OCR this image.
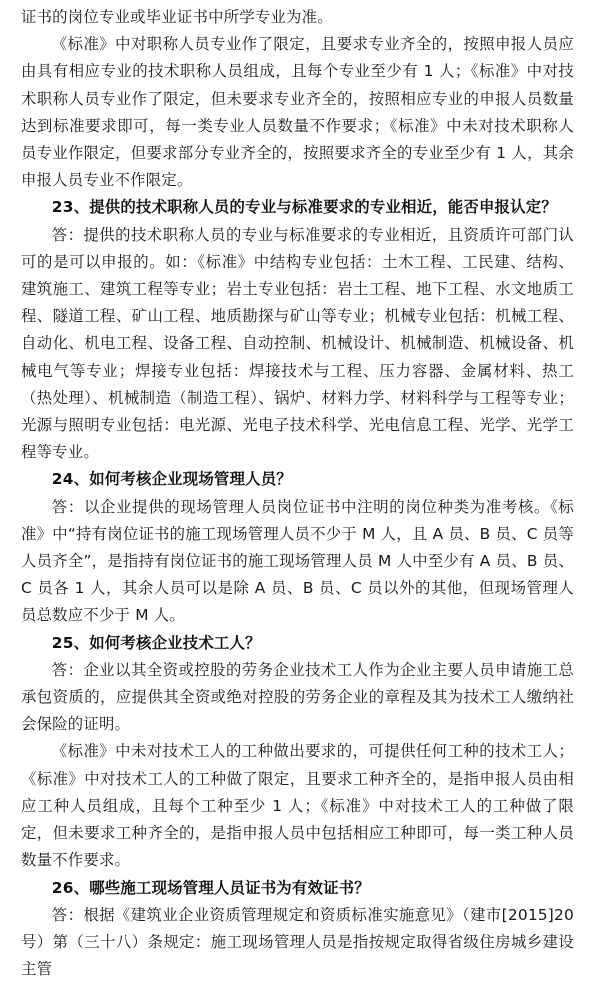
证书的岗位专业或毕业证书中所学专业为准。

《标准》中对职称人员专业作了限定，且要求专业齐全的，按照申报人员应由具有相应专业的技术职称人员组成，且每个专业至少有 1 人；《标准》中对技术职称人员专业作了限定，但未要求专业齐全的，按照相应专业的申报人员数量达到标准要求即可，每一类专业人员数量不作要求；《标准》中未对技术职称人员专业作限定，但要求部分专业齐全的，按照要求齐全的专业至少有 1 人，其余申报人员专业不作限定。

23、提供的技术职称人员的专业与标准要求的专业相近，能否申报认定？

答：提供的技术职称人员的专业与标准要求的专业相近，且资质许可部门认可的是可以申报的。如：《标准》中结构专业包括：土木工程、工民建、结构、建筑施工、建筑工程等专业；岩土专业包括：岩土工程、地下工程、水文地质工程、隧道工程、矿山工程、地质勘探与矿山等专业；机械专业包括：机械工程、自动化、机电工程、设备工程、自动控制、机械设计、机械制造、机械设备、机械电气等专业；焊接专业包括：焊接技术与工程、压力容器、金属材料、热工（热处理）、机械制造（制造工程）、锅炉、材料力学、材料科学与工程等专业；光源与照明专业包括：电光源、光电子技术科学、光电信息工程、光学、光学工程等专业。

24、如何考核企业现场管理人员？

答：以企业提供的现场管理人员岗位证书中注明的岗位种类为准考核。《标准》中“持有岗位证书的施工现场管理人员不少于 M 人，且 A 员、B 员、C 员等人员齐全”，是指持有岗位证书的施工现场管理人员 M 人中至少有 A 员、B 员、C 员各 1 人，其余人员可以是除 A 员、B 员、C 员以外的其他，但现场管理人员总数应不少于 M 人。

25、如何考核企业技术工人？

答：企业以其全资或控股的劳务企业技术工人作为企业主要人员申请施工总承包资质的，应提供其全资或绝对控股的劳务企业的章程及其为技术工人缴纳社会保险的证明。

《标准》中未对技术工人的工种做出要求的，可提供任何工种的技术工人；《标准》中对技术工人的工种做了限定，且要求工种齐全的，是指申报人员由相应工种人员组成，且每个工种至少 1 人；《标准》中对技术工人的工种做了限定，但未要求工种齐全的，是指申报人员中包括相应工种即可，每一类工种人员数量不作要求。

26、哪些施工现场管理人员证书为有效证书？

答：根据《建筑业企业资质管理规定和资质标准实施意见》（建市[2015]20 号）第（三十八）条规定：施工现场管理人员是指按规定取得省级住房城乡建设主管
